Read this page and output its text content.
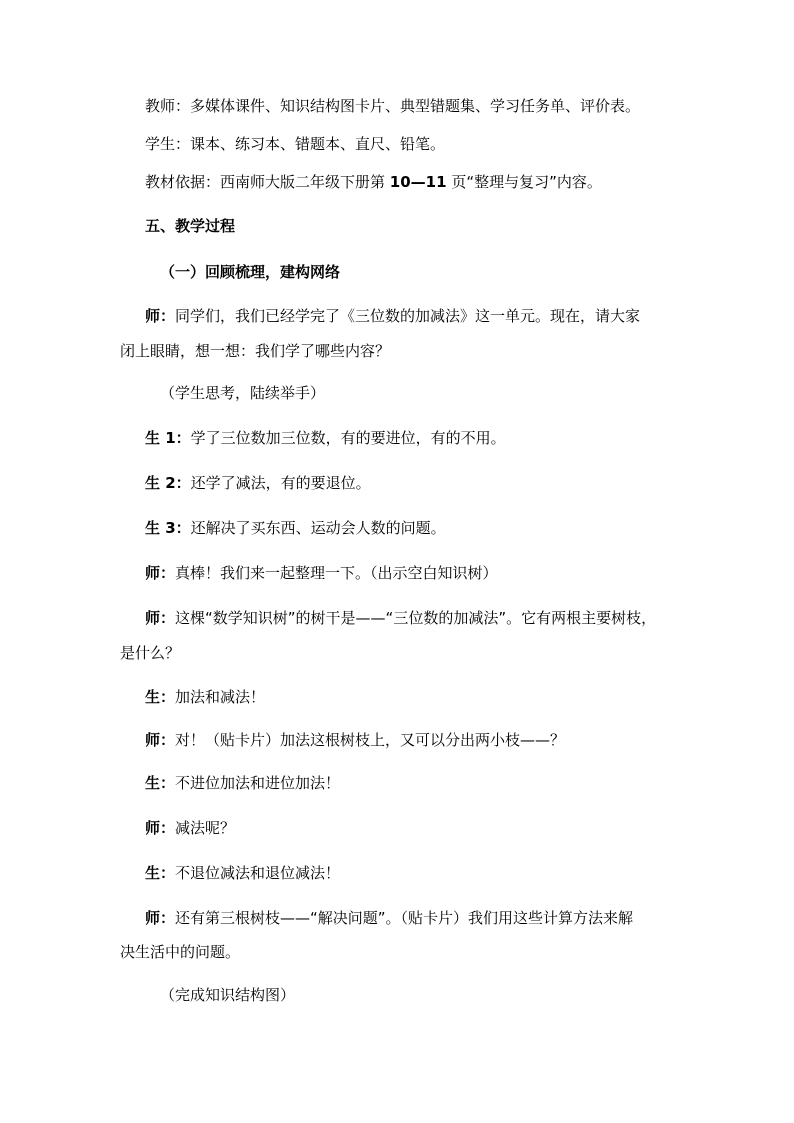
教师：多媒体课件、知识结构图卡片、典型错题集、学习任务单、评价表。
学生：课本、练习本、错题本、直尺、铅笔。
教材依据：西南师大版二年级下册第 10—11 页“整理与复习”内容。
五、教学过程
（一）回顾梳理，建构网络
师：同学们，我们已经学完了《三位数的加减法》这一单元。现在，请大家
闭上眼睛，想一想：我们学了哪些内容？
（学生思考，陆续举手）
生 1：学了三位数加三位数，有的要进位，有的不用。
生 2：还学了减法，有的要退位。
生 3：还解决了买东西、运动会人数的问题。
师：真棒！我们来一起整理一下。（出示空白知识树）
师：这棵“数学知识树”的树干是——“三位数的加减法”。它有两根主要树枝，
是什么？
生：加法和减法！
师：对！（贴卡片）加法这根树枝上，又可以分出两小枝——？
生：不进位加法和进位加法！
师：减法呢？
生：不退位减法和退位减法！
师：还有第三根树枝——“解决问题”。（贴卡片）我们用这些计算方法来解
决生活中的问题。
（完成知识结构图）
